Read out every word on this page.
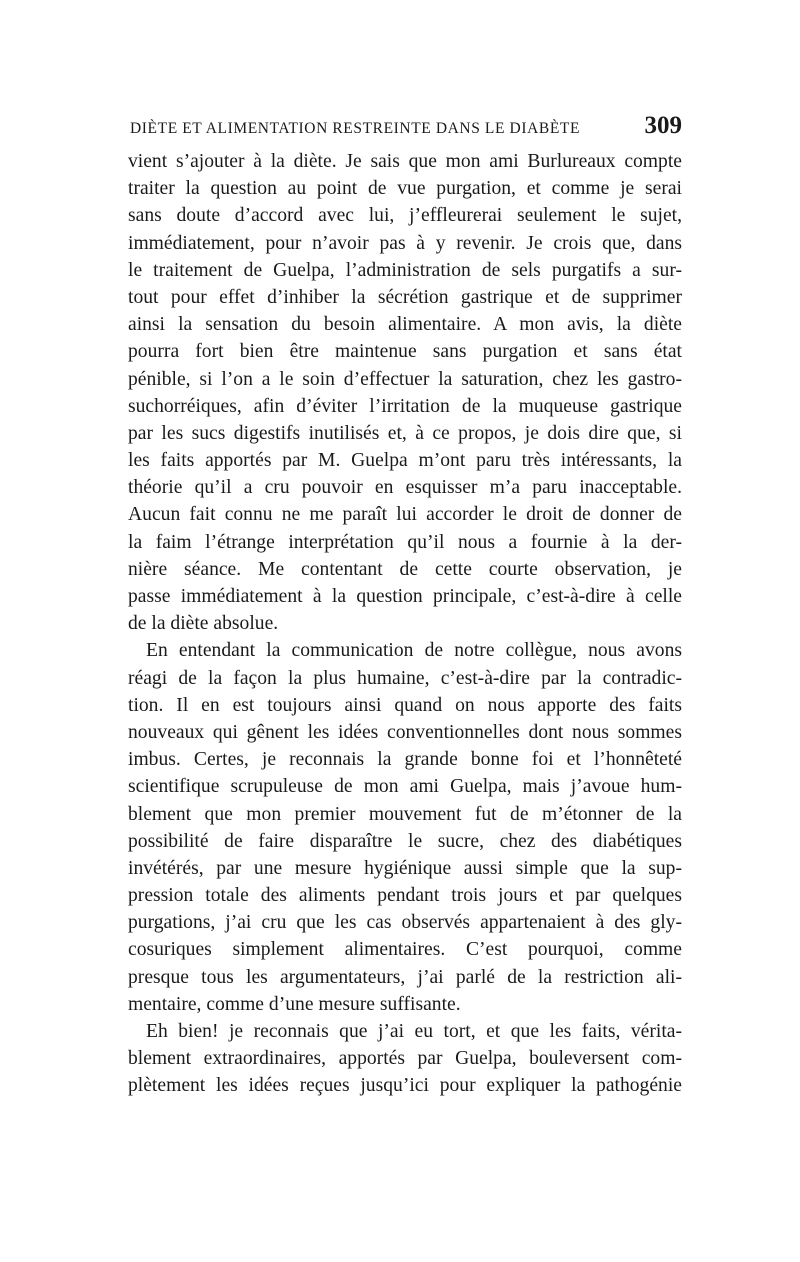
DIÈTE ET ALIMENTATION RESTREINTE DANS LE DIABÈTE	309
vient s’ajouter à la diète. Je sais que mon ami Burlureaux compte
traiter la question au point de vue purgation, et comme je serai
sans doute d’accord avec lui, j’effleurerai seulement le sujet,
immédiatement, pour n’avoir pas à y revenir. Je crois que, dans
le traitement de Guelpa, l’administration de sels purgatifs a sur-
tout pour effet d’inhiber la sécrétion gastrique et de supprimer
ainsi la sensation du besoin alimentaire. A mon avis, la diète
pourra fort bien être maintenue sans purgation et sans état
pénible, si l’on a le soin d’effectuer la saturation, chez les gastro-
suchorréiques, afin d’éviter l’irritation de la muqueuse gastrique
par les sucs digestifs inutilisés et, à ce propos, je dois dire que, si
les faits apportés par M. Guelpa m’ont paru très intéressants, la
théorie qu’il a cru pouvoir en esquisser m’a paru inacceptable.
Aucun fait connu ne me paraît lui accorder le droit de donner de
la faim l’étrange interprétation qu’il nous a fournie à la der-
nière séance. Me contentant de cette courte observation, je
passe immédiatement à la question principale, c’est-à-dire à celle
de la diète absolue.
En entendant la communication de notre collègue, nous avons
réagi de la façon la plus humaine, c’est-à-dire par la contradic-
tion. Il en est toujours ainsi quand on nous apporte des faits
nouveaux qui gênent les idées conventionnelles dont nous sommes
imbus. Certes, je reconnais la grande bonne foi et l’honnêteté
scientifique scrupuleuse de mon ami Guelpa, mais j’avoue hum-
blement que mon premier mouvement fut de m’étonner de la
possibilité de faire disparaître le sucre, chez des diabétiques
invétérés, par une mesure hygiénique aussi simple que la sup-
pression totale des aliments pendant trois jours et par quelques
purgations, j’ai cru que les cas observés appartenaient à des gly-
cosuriques simplement alimentaires. C’est pourquoi, comme
presque tous les argumentateurs, j’ai parlé de la restriction ali-
mentaire, comme d’une mesure suffisante.
Eh bien! je reconnais que j’ai eu tort, et que les faits, vérita-
blement extraordinaires, apportés par Guelpa, bouleversent com-
plètement les idées reçues jusqu’ici pour expliquer la pathogénie
